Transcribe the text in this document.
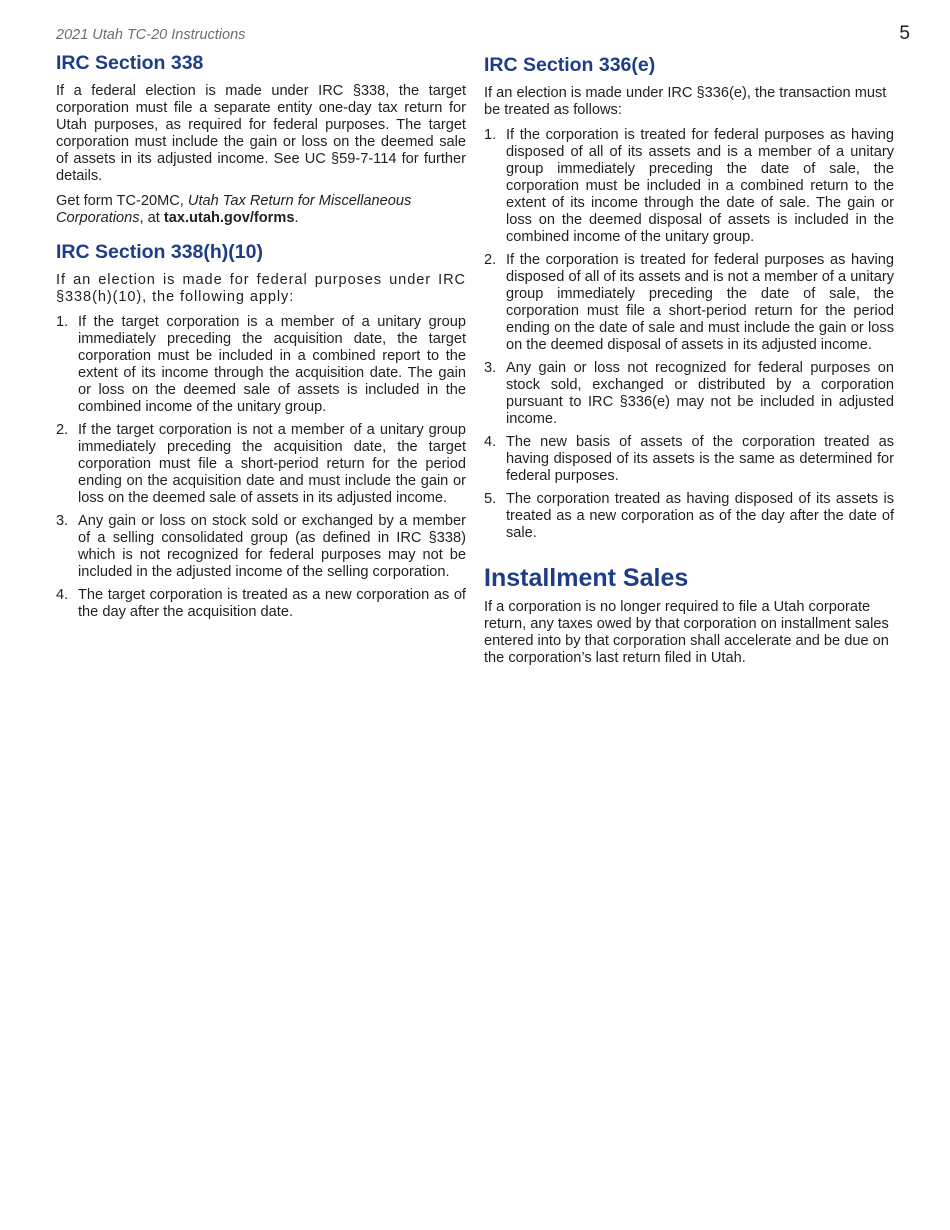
2021 Utah TC-20 Instructions	5
IRC Section 338

If a federal election is made under IRC §338, the target corporation must file a separate entity one-day tax return for Utah purposes, as required for federal purposes. The target corporation must include the gain or loss on the deemed sale of assets in its adjusted income. See UC §59-7-114 for further details.

Get form TC-20MC, Utah Tax Return for Miscellaneous Corporations, at tax.utah.gov/forms.

IRC Section 338(h)(10)

If an election is made for federal purposes under IRC §338(h)(10), the following apply:

1. If the target corporation is a member of a unitary group immediately preceding the acquisition date, the target corporation must be included in a combined report to the extent of its income through the acquisition date. The gain or loss on the deemed sale of assets is included in the combined income of the unitary group.
2. If the target corporation is not a member of a unitary group immediately preceding the acquisition date, the target corporation must file a short-period return for the period ending on the acquisition date and must include the gain or loss on the deemed sale of assets in its adjusted income.
3. Any gain or loss on stock sold or exchanged by a member of a selling consolidated group (as defined in IRC §338) which is not recognized for federal purposes may not be included in the adjusted income of the selling corporation.
4. The target corporation is treated as a new corporation as of the day after the acquisition date.
IRC Section 336(e)

If an election is made under IRC §336(e), the transaction must be treated as follows:

1. If the corporation is treated for federal purposes as having disposed of all of its assets and is a member of a unitary group immediately preceding the date of sale, the corporation must be included in a combined return to the extent of its income through the date of sale. The gain or loss on the deemed disposal of assets is included in the combined income of the unitary group.
2. If the corporation is treated for federal purposes as having disposed of all of its assets and is not a member of a unitary group immediately preceding the date of sale, the corporation must file a short-period return for the period ending on the date of sale and must include the gain or loss on the deemed disposal of assets in its adjusted income.
3. Any gain or loss not recognized for federal purposes on stock sold, exchanged or distributed by a corporation pursuant to IRC §336(e) may not be included in adjusted income.
4. The new basis of assets of the corporation treated as having disposed of its assets is the same as determined for federal purposes.
5. The corporation treated as having disposed of its assets is treated as a new corporation as of the day after the date of sale.
Installment Sales

If a corporation is no longer required to file a Utah corporate return, any taxes owed by that corporation on installment sales entered into by that corporation shall accelerate and be due on the corporation’s last return filed in Utah.
